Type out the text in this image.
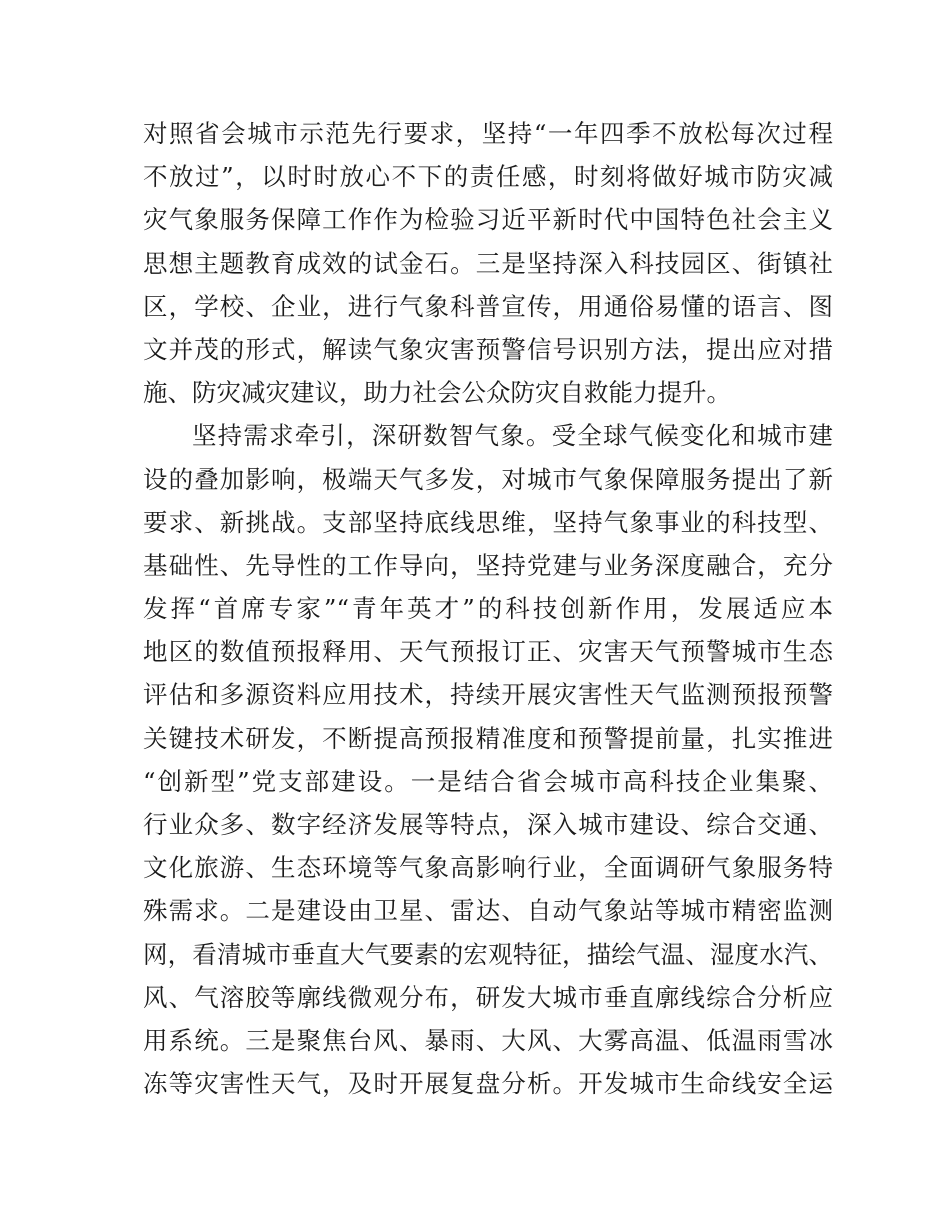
对照省会城市示范先行要求，坚持“一年四季不放松每次过程
不放过”，以时时放心不下的责任感，时刻将做好城市防灾减
灾气象服务保障工作作为检验习近平新时代中国特色社会主义
思想主题教育成效的试金石。三是坚持深入科技园区、街镇社
区，学校、企业，进行气象科普宣传，用通俗易懂的语言、图
文并茂的形式，解读气象灾害预警信号识别方法，提出应对措
施、防灾减灾建议，助力社会公众防灾自救能力提升。
坚持需求牵引，深研数智气象。受全球气候变化和城市建
设的叠加影响，极端天气多发，对城市气象保障服务提出了新
要求、新挑战。支部坚持底线思维，坚持气象事业的科技型、
基础性、先导性的工作导向，坚持党建与业务深度融合，充分
发挥“首席专家”“青年英才”的科技创新作用，发展适应本
地区的数值预报释用、天气预报订正、灾害天气预警城市生态
评估和多源资料应用技术，持续开展灾害性天气监测预报预警
关键技术研发，不断提高预报精准度和预警提前量，扎实推进
“创新型”党支部建设。一是结合省会城市高科技企业集聚、
行业众多、数字经济发展等特点，深入城市建设、综合交通、
文化旅游、生态环境等气象高影响行业，全面调研气象服务特
殊需求。二是建设由卫星、雷达、自动气象站等城市精密监测
网，看清城市垂直大气要素的宏观特征，描绘气温、湿度水汽、
风、气溶胶等廓线微观分布，研发大城市垂直廓线综合分析应
用系统。三是聚焦台风、暴雨、大风、大雾高温、低温雨雪冰
冻等灾害性天气，及时开展复盘分析。开发城市生命线安全运
